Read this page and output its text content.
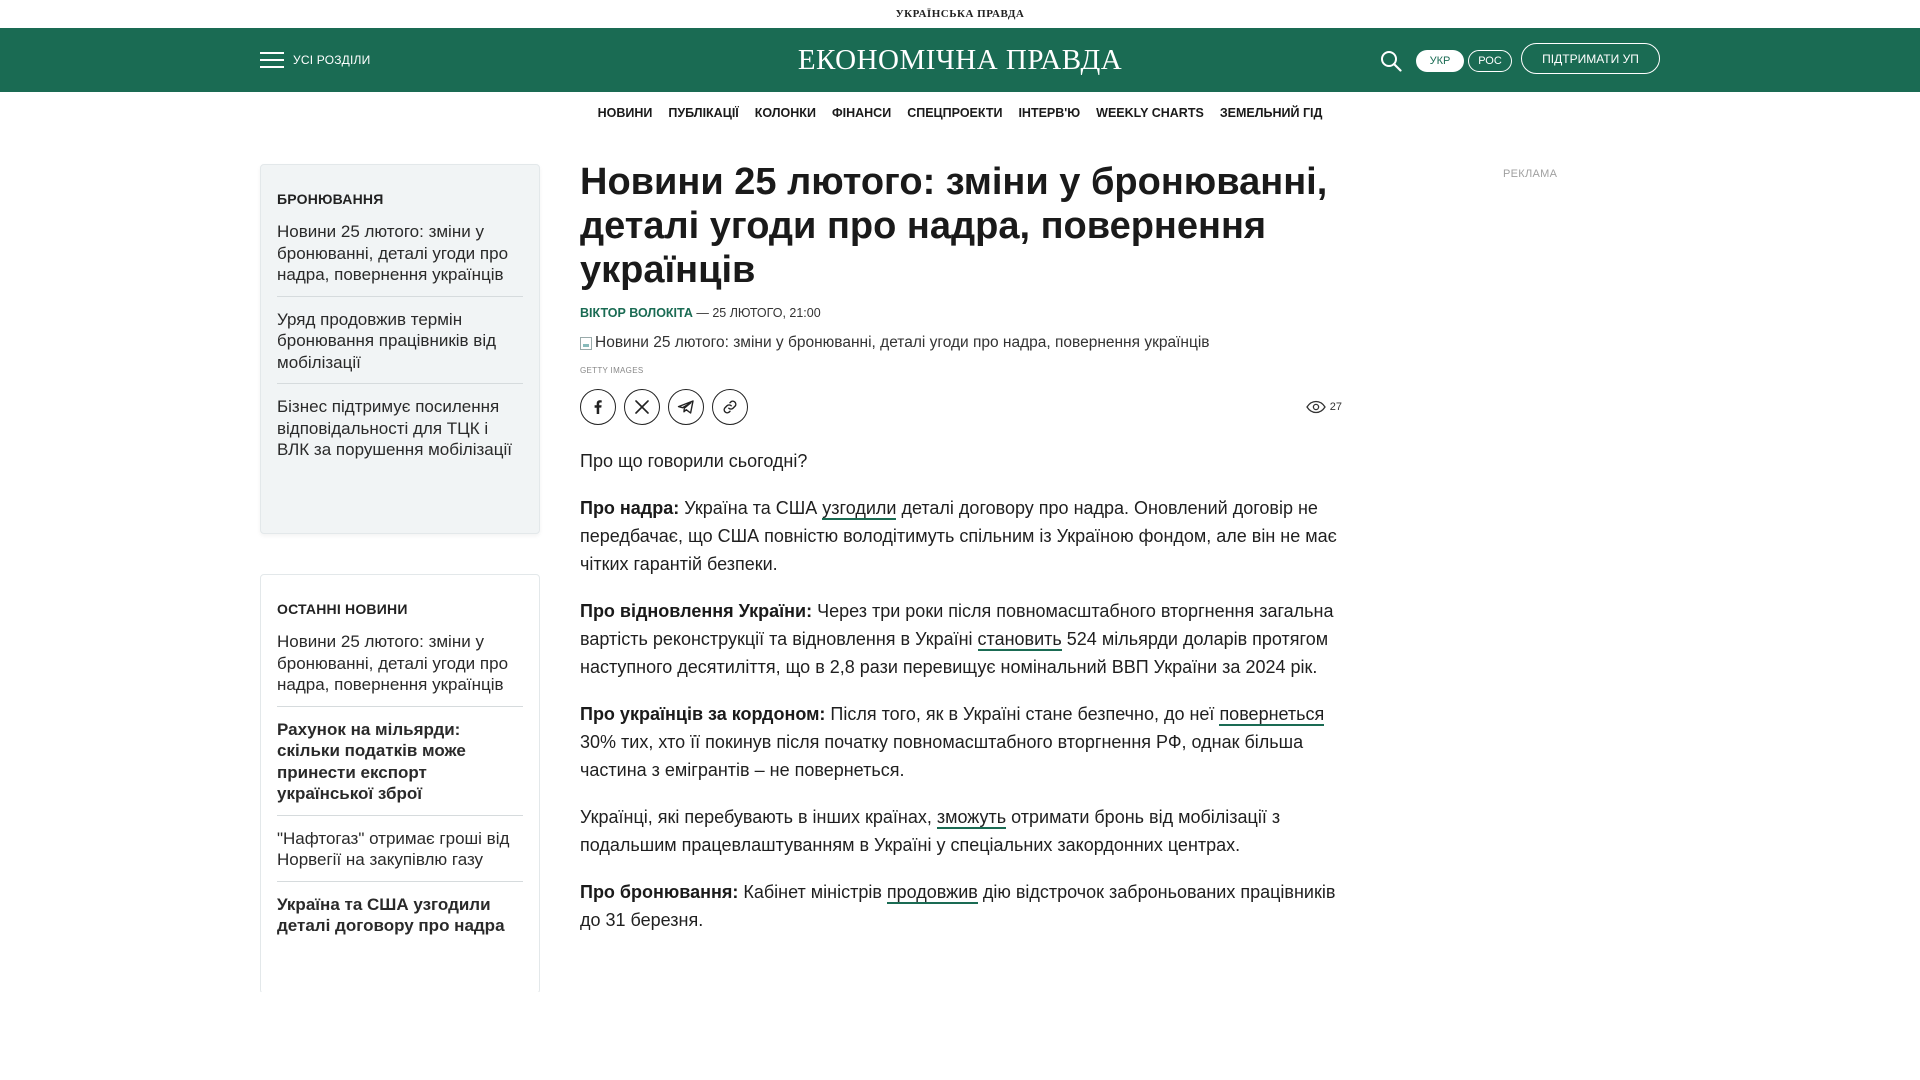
УКРАЇНСЬКА ПРАВДА
УСІ РОЗДІЛИ	ЕКОНОМІЧНА ПРАВДА	УКР	РОС	ПІДТРИМАТИ УП
НОВИНИ ПУБЛІКАЦІЇ КОЛОНКИ ФІНАНСИ СПЕЦПРОЕКТИ ІНТЕРВ'Ю WEEKLY CHARTS ЗЕМЕЛЬНИЙ ГІД
БРОНЮВАННЯ
Новини 25 лютого: зміни у бронюванні, деталі угоди про надра, повернення українців
Уряд продовжив термін бронювання працівників від мобілізації
Бізнес підтримує посилення відповідальності для ТЦК і ВЛК за порушення мобілізації
ОСТАННІ НОВИНИ
Новини 25 лютого: зміни у бронюванні, деталі угоди про надра, повернення українців
Рахунок на мільярди: скільки податків може принести експорт української зброї
"Нафтогаз" отримає гроші від Норвегії на закупівлю газу
Україна та США узгодили деталі договору про надра
Новини 25 лютого: зміни у бронюванні, деталі угоди про надра, повернення українців
ВІКТОР ВОЛОКІТА — 25 ЛЮТОГО, 21:00
Новини 25 лютого: зміни у бронюванні, деталі угоди про надра, повернення українців
GETTY IMAGES
27

Про що говорили сьогодні?

Про надра: Україна та США узгодили деталі договору про надра. Оновлений договір не передбачає, що США повністю володітимуть спільним із Україною фондом, але він не має чітких гарантій безпеки.

Про відновлення України: Через три роки після повномасштабного вторгнення загальна вартість реконструкції та відновлення в Україні становить 524 мільярди доларів протягом наступного десятиліття, що в 2,8 рази перевищує номінальний ВВП України за 2024 рік.

Про українців за кордоном: Після того, як в Україні стане безпечно, до неї повернеться 30% тих, хто її покинув після початку повномасштабного вторгнення РФ, однак більша частина з емігрантів – не повернеться.

Українці, які перебувають в інших країнах, зможуть отримати бронь від мобілізації з подальшим працевлаштуванням в Україні у спеціальних закордонних центрах.

Про бронювання: Кабінет міністрів продовжив дію відстрочок заброньованих працівників до 31 березня.

РЕКЛАМА
